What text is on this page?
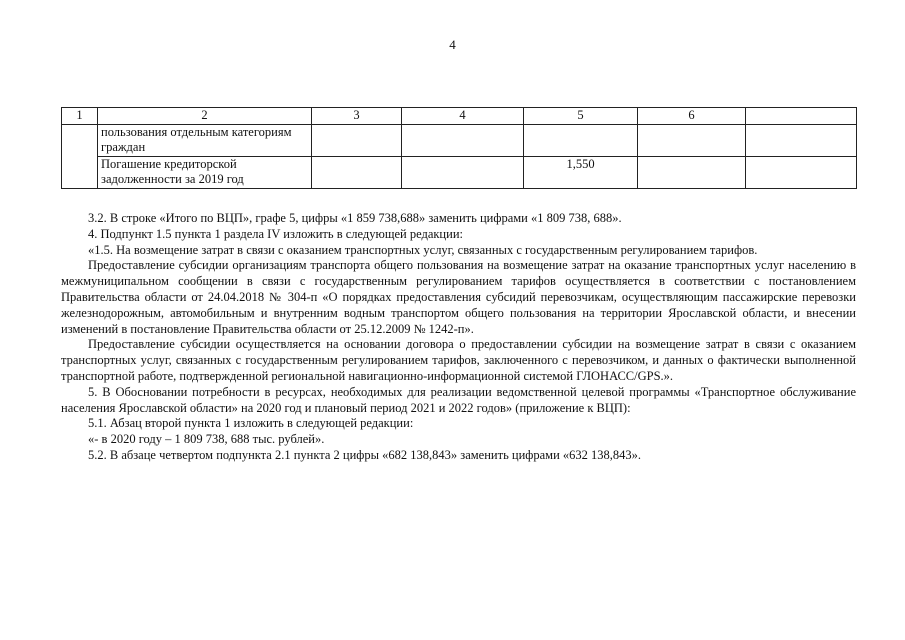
4
1	2	3	4	5	6	
	пользования отдельным категориям граждан					
	Погашение кредиторской задолженности за 2019 год			1,550		

3.2. В строке «Итого по ВЦП», графе 5, цифры «1 859 738,688» заменить цифрами «1 809 738, 688».

4. Подпункт 1.5 пункта 1 раздела IV изложить в следующей редакции:

«1.5. На возмещение затрат в связи с оказанием транспортных услуг, связанных с государственным регулированием тарифов.

Предоставление субсидии организациям транспорта общего пользования на возмещение затрат на оказание транспортных услуг населению в межмуниципальном сообщении в связи с государственным регулированием тарифов осуществляется в соответствии с постановлением Правительства области от 24.04.2018 № 304-п «О порядках предоставления субсидий перевозчикам, осуществляющим пассажирские перевозки железнодорожным, автомобильным и внутренним водным транспортом общего пользования на территории Ярославской области, и внесении изменений в постановление Правительства области от 25.12.2009 № 1242-п».

Предоставление субсидии осуществляется на основании договора о предоставлении субсидии на возмещение затрат в связи с оказанием транспортных услуг, связанных с государственным регулированием тарифов, заключенного с перевозчиком, и данных о фактически выполненной транспортной работе, подтвержденной региональной навигационно-информационной системой ГЛОНАСС/GPS.».

5. В Обосновании потребности в ресурсах, необходимых для реализации ведомственной целевой программы «Транспортное обслуживание населения Ярославской области» на 2020 год и плановый период 2021 и 2022 годов» (приложение к ВЦП):

5.1. Абзац второй пункта 1 изложить в следующей редакции:

«- в 2020 году – 1 809 738, 688 тыс. рублей».

5.2. В абзаце четвертом подпункта 2.1 пункта 2 цифры «682 138,843» заменить цифрами «632 138,843».
